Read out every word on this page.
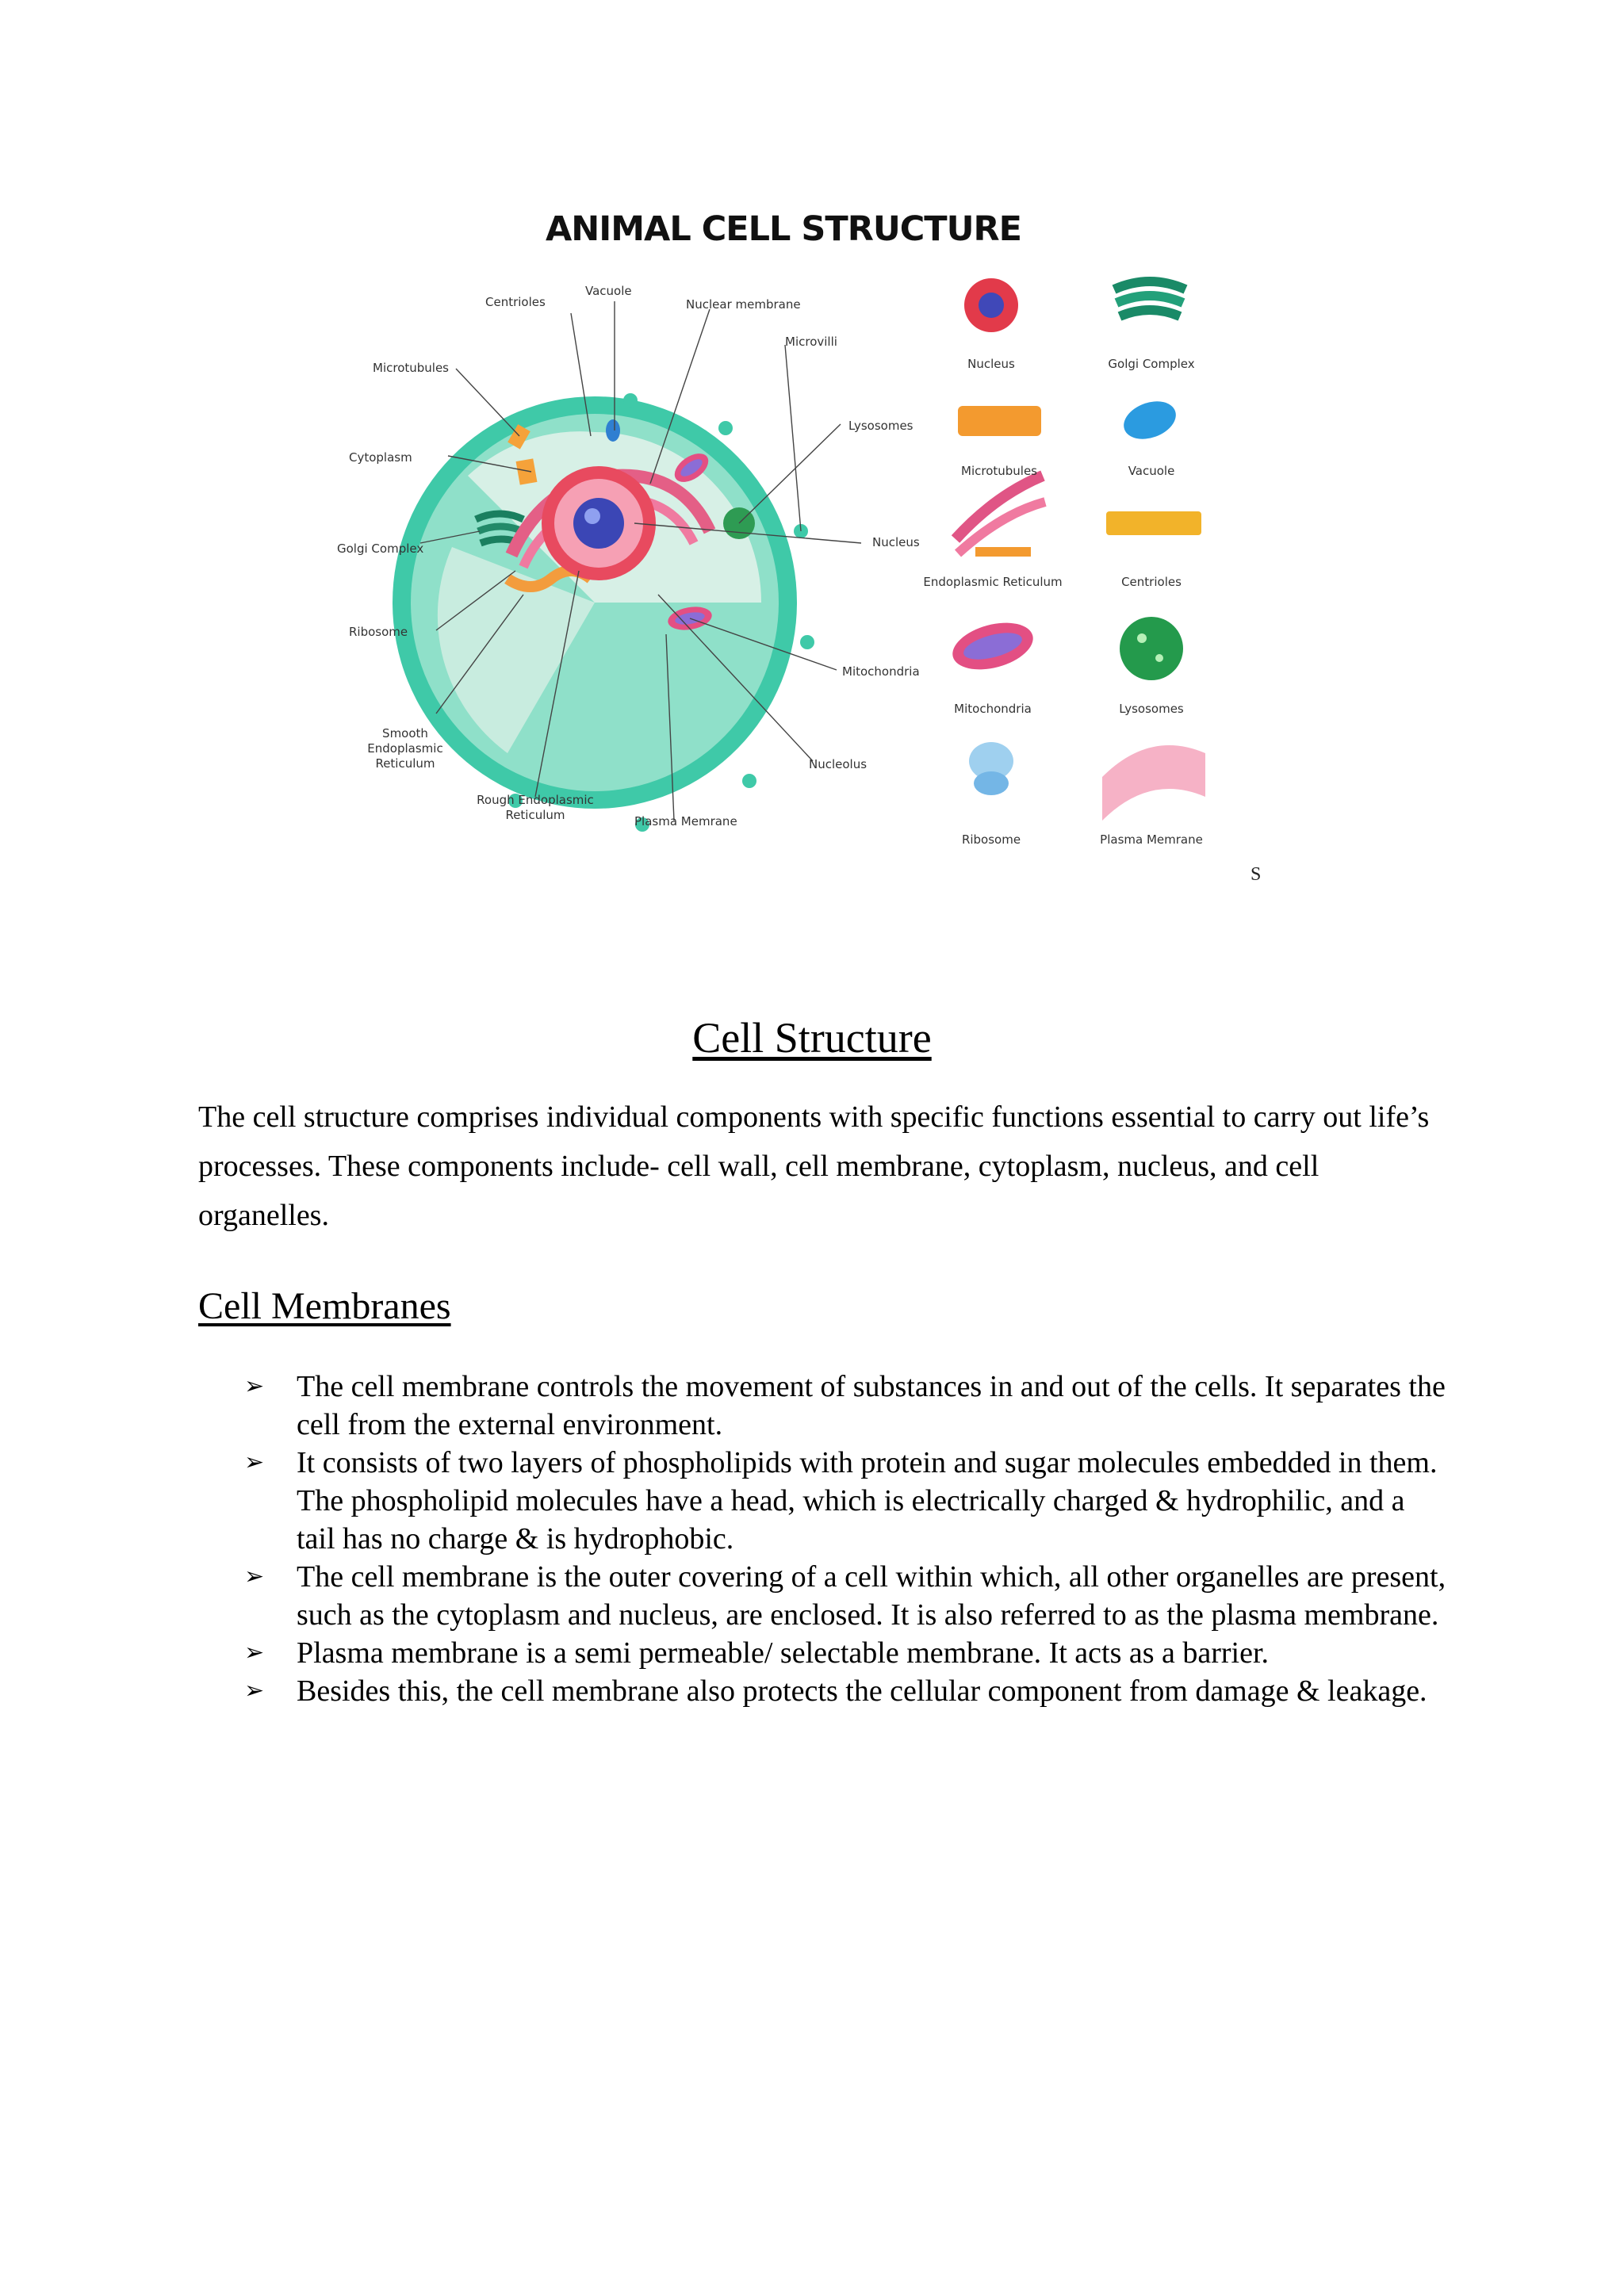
ANIMAL CELL STRUCTURE
Centrioles
Vacuole
Nuclear membrane
Microvilli
Microtubules
Lysosomes
Cytoplasm
Golgi Complex	Nucleus
Ribosome
Mitochondria
Smooth Endoplasmic Reticulum	Nucleolus
Rough Endoplasmic Reticulum	Plasma Memrane
Nucleus	Golgi Complex
Microtubules	Vacuole
Endoplasmic Reticulum	Centrioles
Mitochondria	Lysosomes
Ribosome	Plasma Memrane
S
Cell Structure

The cell structure comprises individual components with specific functions essential to carry out life’s processes. These components include- cell wall, cell membrane, cytoplasm, nucleus, and cell organelles.

Cell Membranes
➢ The cell membrane controls the movement of substances in and out of the cells. It separates the cell from the external environment.
➢ It consists of two layers of phospholipids with protein and sugar molecules embedded in them. The phospholipid molecules have a head, which is electrically charged & hydrophilic, and a tail has no charge & is hydrophobic.
➢ The cell membrane is the outer covering of a cell within which, all other organelles are present, such as the cytoplasm and nucleus, are enclosed. It is also referred to as the plasma membrane.
➢ Plasma membrane is a semi permeable/ selectable membrane. It acts as a barrier.
➢ Besides this, the cell membrane also protects the cellular component from damage & leakage.
